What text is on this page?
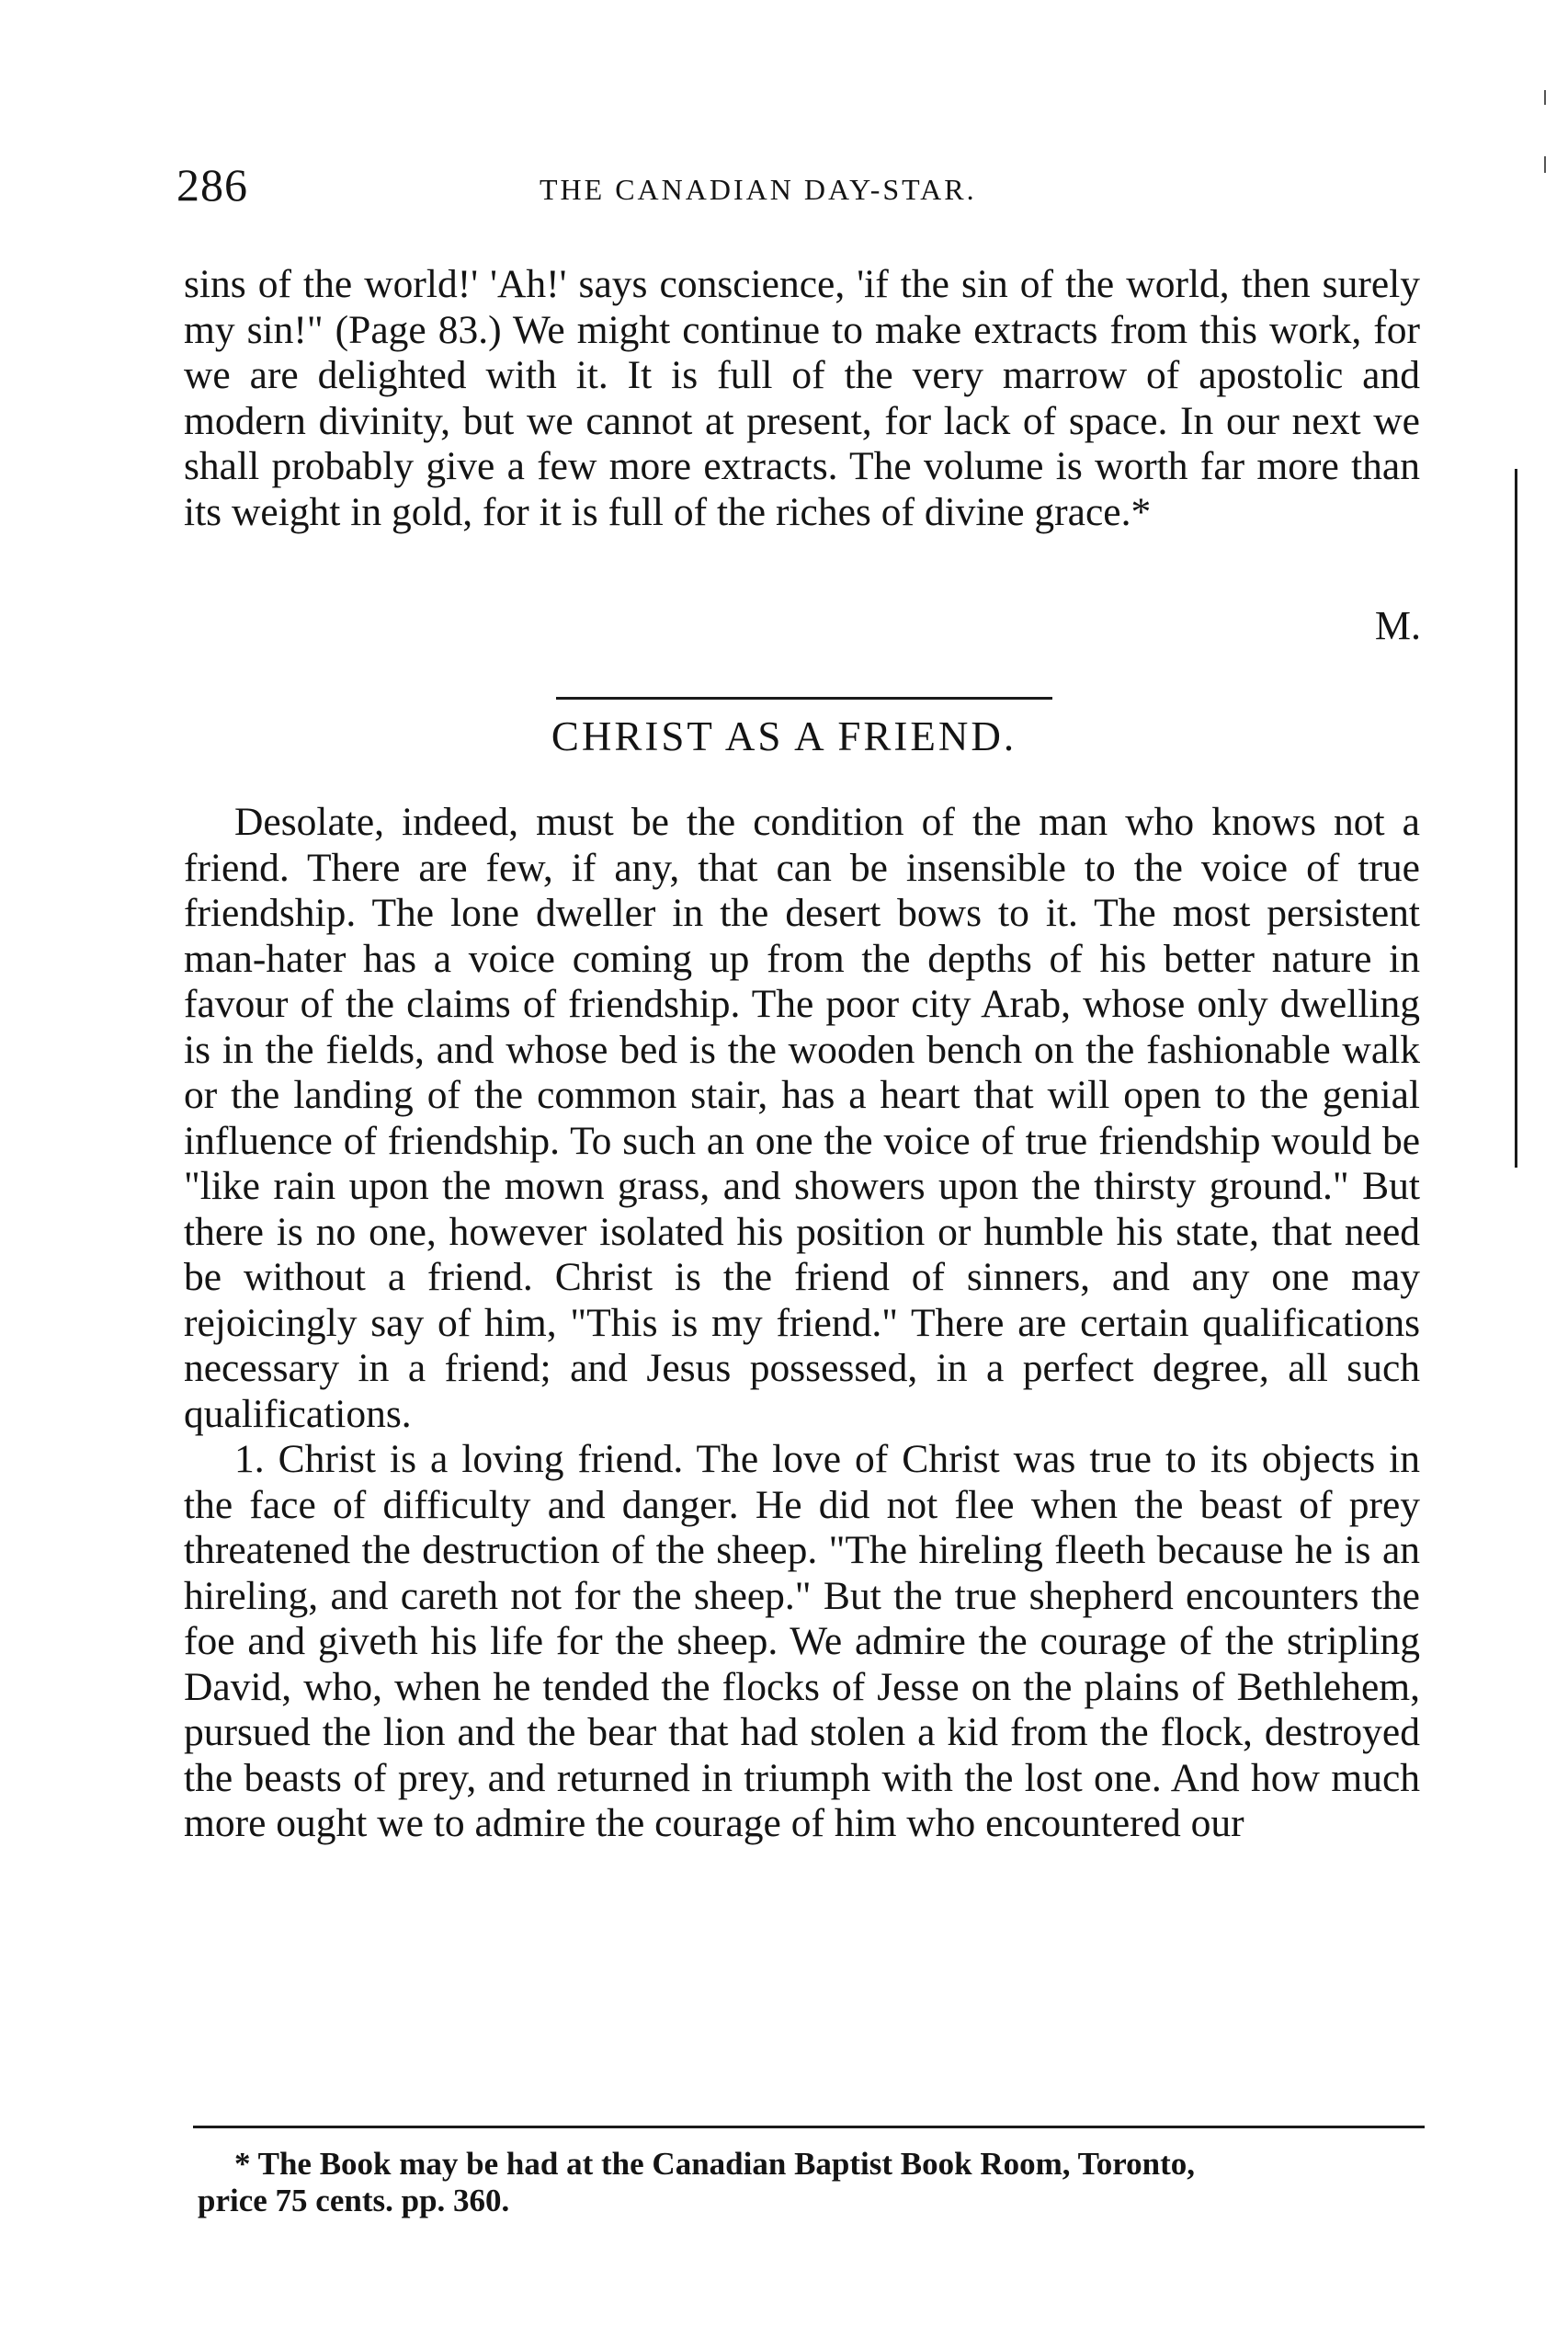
286	THE CANADIAN DAY-STAR.
sins of the world!' 'Ah!' says conscience, 'if the sin of the world, then surely my sin!" (Page 83.) We might continue to make extracts from this work, for we are delighted with it. It is full of the very marrow of apostolic and modern divinity, but we cannot at present, for lack of space. In our next we shall probably give a few more extracts. The volume is worth far more than its weight in gold, for it is full of the riches of divine grace.*
M.
CHRIST AS A FRIEND.

Desolate, indeed, must be the condition of the man who knows not a friend. There are few, if any, that can be insensible to the voice of true friendship. The lone dweller in the desert bows to it. The most persistent man-hater has a voice coming up from the depths of his better nature in favour of the claims of friendship. The poor city Arab, whose only dwelling is in the fields, and whose bed is the wooden bench on the fashionable walk or the landing of the common stair, has a heart that will open to the genial influence of friendship. To such an one the voice of true friendship would be "like rain upon the mown grass, and showers upon the thirsty ground." But there is no one, however isolated his position or humble his state, that need be without a friend. Christ is the friend of sinners, and any one may rejoicingly say of him, "This is my friend." There are certain qualifications necessary in a friend; and Jesus possessed, in a perfect degree, all such qualifications.

1. Christ is a loving friend. The love of Christ was true to its objects in the face of difficulty and danger. He did not flee when the beast of prey threatened the destruction of the sheep. "The hireling fleeth because he is an hireling, and careth not for the sheep." But the true shepherd encounters the foe and giveth his life for the sheep. We admire the courage of the stripling David, who, when he tended the flocks of Jesse on the plains of Bethlehem, pursued the lion and the bear that had stolen a kid from the flock, destroyed the beasts of prey, and returned in triumph with the lost one. And how much more ought we to admire the courage of him who encountered our

* The Book may be had at the Canadian Baptist Book Room, Toronto,
price 75 cents. pp. 360.
